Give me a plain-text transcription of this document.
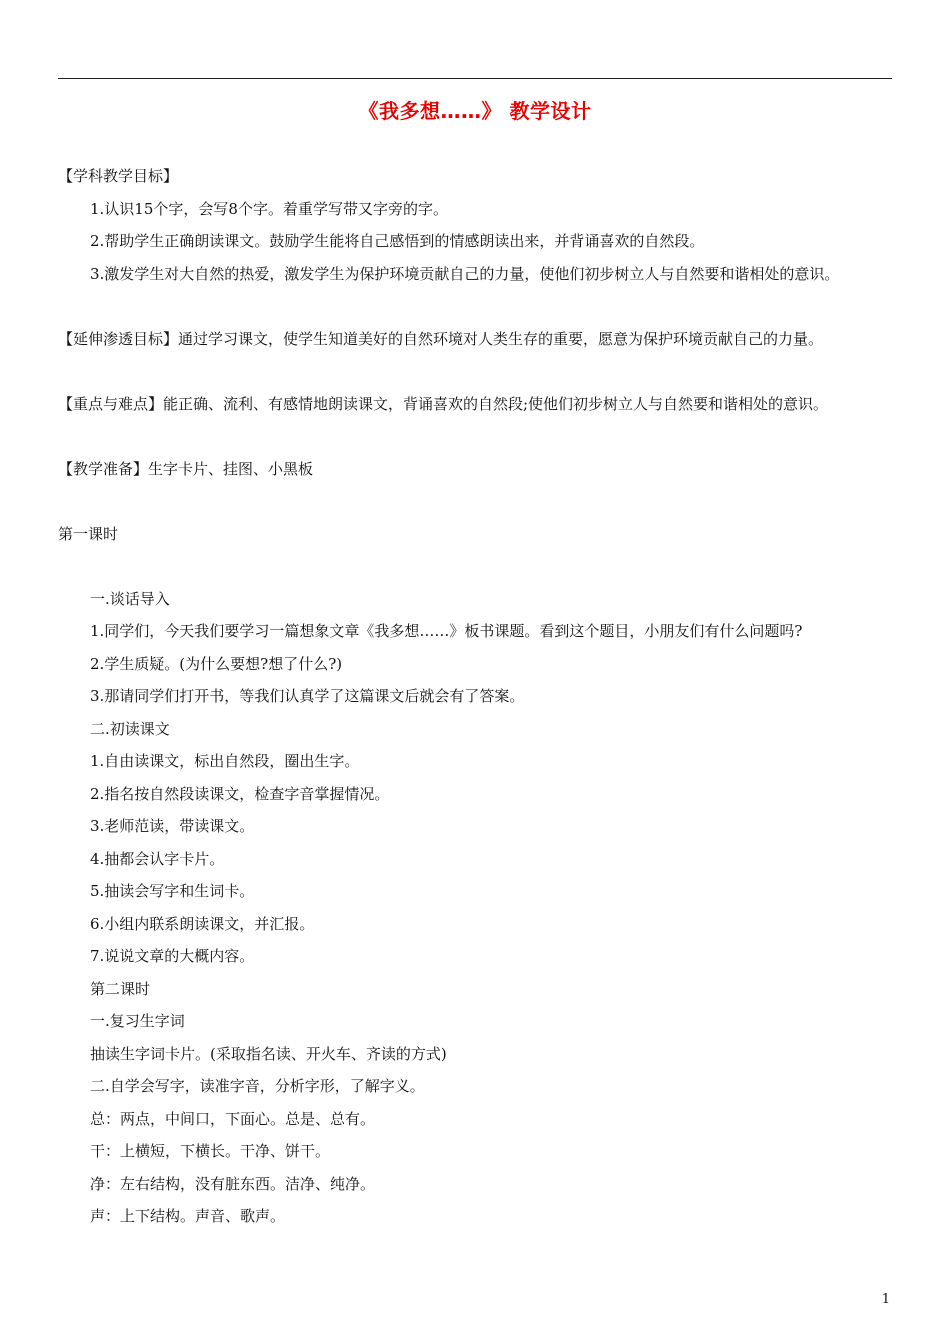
《我多想……》 教学设计

【学科教学目标】

1.认识15个字，会写8个字。着重学写带又字旁的字。

2.帮助学生正确朗读课文。鼓励学生能将自己感悟到的情感朗读出来，并背诵喜欢的自然段。

3.激发学生对大自然的热爱，激发学生为保护环境贡献自己的力量，使他们初步树立人与自然要和谐相处的意识。

【延伸渗透目标】通过学习课文，使学生知道美好的自然环境对人类生存的重要，愿意为保护环境贡献自己的力量。

【重点与难点】能正确、流利、有感情地朗读课文，背诵喜欢的自然段;使他们初步树立人与自然要和谐相处的意识。

【教学准备】生字卡片、挂图、小黑板

第一课时

一.谈话导入

1.同学们，今天我们要学习一篇想象文章《我多想……》板书课题。看到这个题目，小朋友们有什么问题吗?

2.学生质疑。(为什么要想?想了什么?)

3.那请同学们打开书，等我们认真学了这篇课文后就会有了答案。

二.初读课文

1.自由读课文，标出自然段，圈出生字。

2.指名按自然段读课文，检查字音掌握情况。

3.老师范读，带读课文。

4.抽都会认字卡片。

5.抽读会写字和生词卡。

6.小组内联系朗读课文，并汇报。

7.说说文章的大概内容。

第二课时

一.复习生字词

抽读生字词卡片。(采取指名读、开火车、齐读的方式)

二.自学会写字，读准字音，分析字形，了解字义。

总：两点，中间口，下面心。总是、总有。

干：上横短，下横长。干净、饼干。

净：左右结构，没有脏东西。洁净、纯净。

声：上下结构。声音、歌声。

1
